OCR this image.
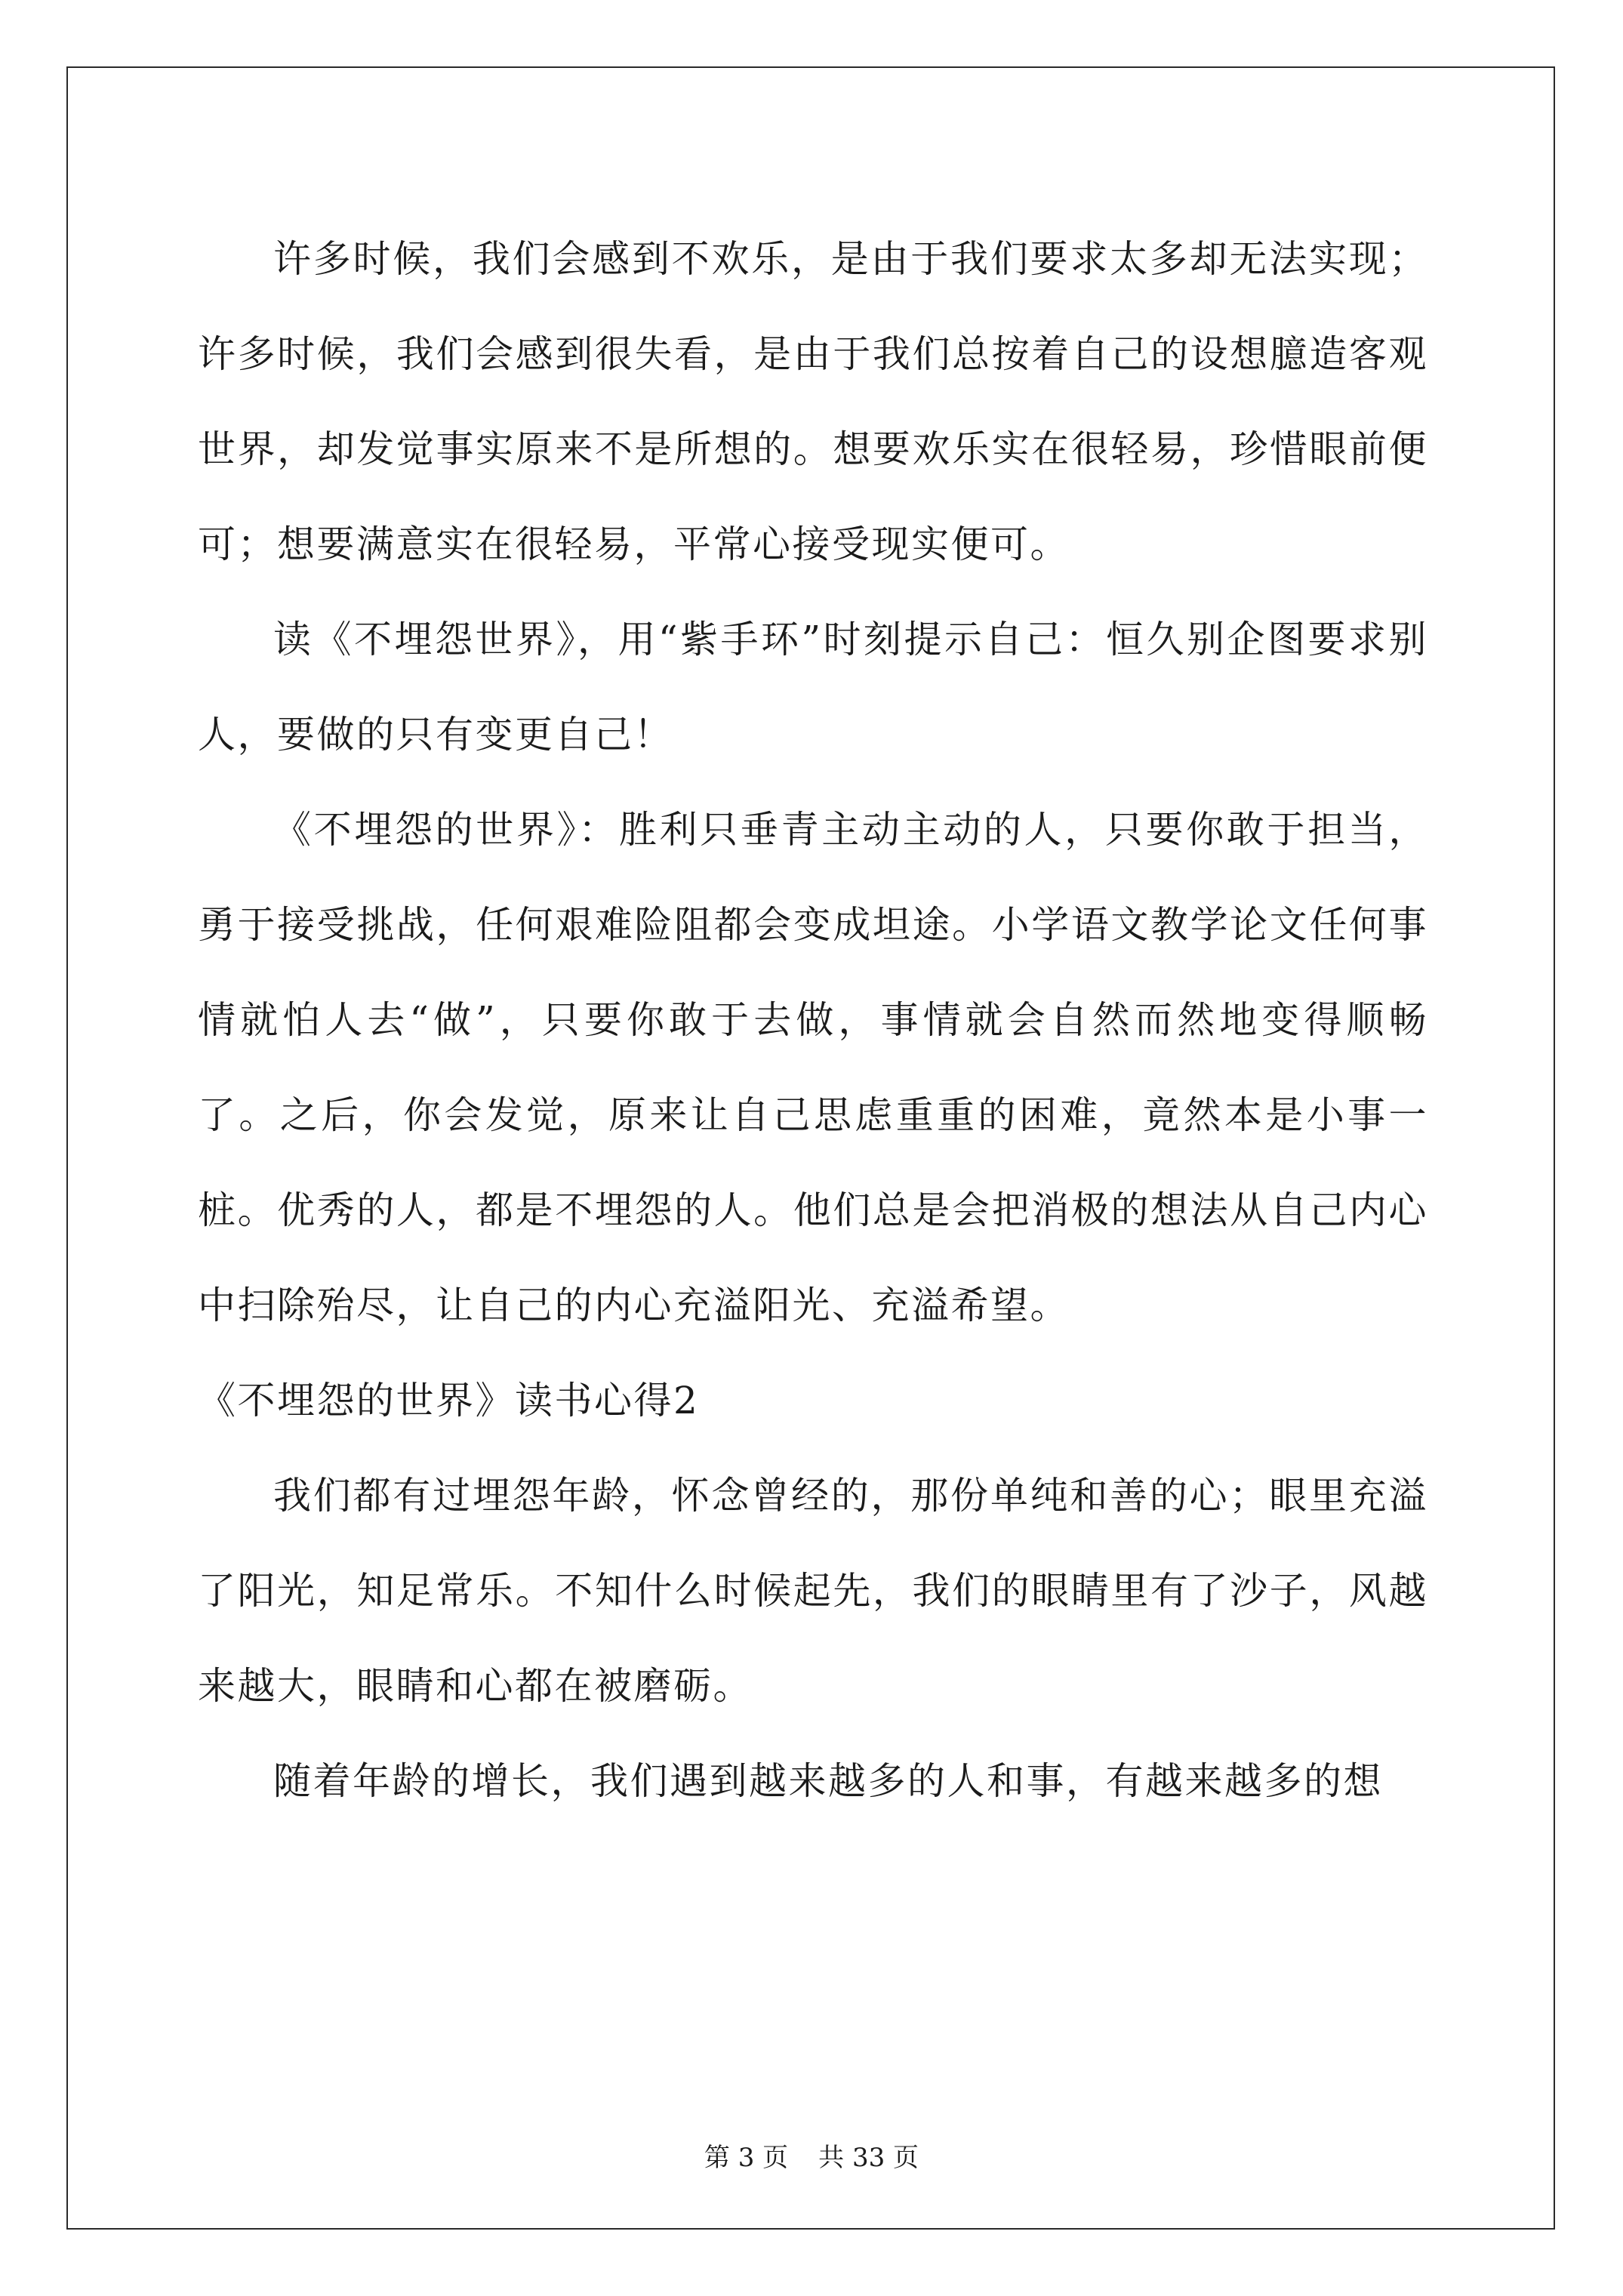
许多时候，我们会感到不欢乐，是由于我们要求太多却无法实现；许多时候，我们会感到很失看，是由于我们总按着自己的设想臆造客观世界，却发觉事实原来不是所想的。想要欢乐实在很轻易，珍惜眼前便可；想要满意实在很轻易，平常心接受现实便可。

读《不埋怨世界》，用“紫手环”时刻提示自己：恒久别企图要求别人，要做的只有变更自己！

《不埋怨的世界》：胜利只垂青主动主动的人，只要你敢于担当，勇于接受挑战，任何艰难险阻都会变成坦途。小学语文教学论文任何事情就怕人去“做”，只要你敢于去做，事情就会自然而然地变得顺畅了。之后，你会发觉，原来让自己思虑重重的困难，竟然本是小事一桩。优秀的人，都是不埋怨的人。他们总是会把消极的想法从自己内心中扫除殆尽，让自己的内心充溢阳光、充溢希望。

《不埋怨的世界》读书心得2

我们都有过埋怨年龄，怀念曾经的，那份单纯和善的心；眼里充溢了阳光，知足常乐。不知什么时候起先，我们的眼睛里有了沙子，风越来越大，眼睛和心都在被磨砺。

随着年龄的增长，我们遇到越来越多的人和事，有越来越多的想

第 3 页 共 33 页
